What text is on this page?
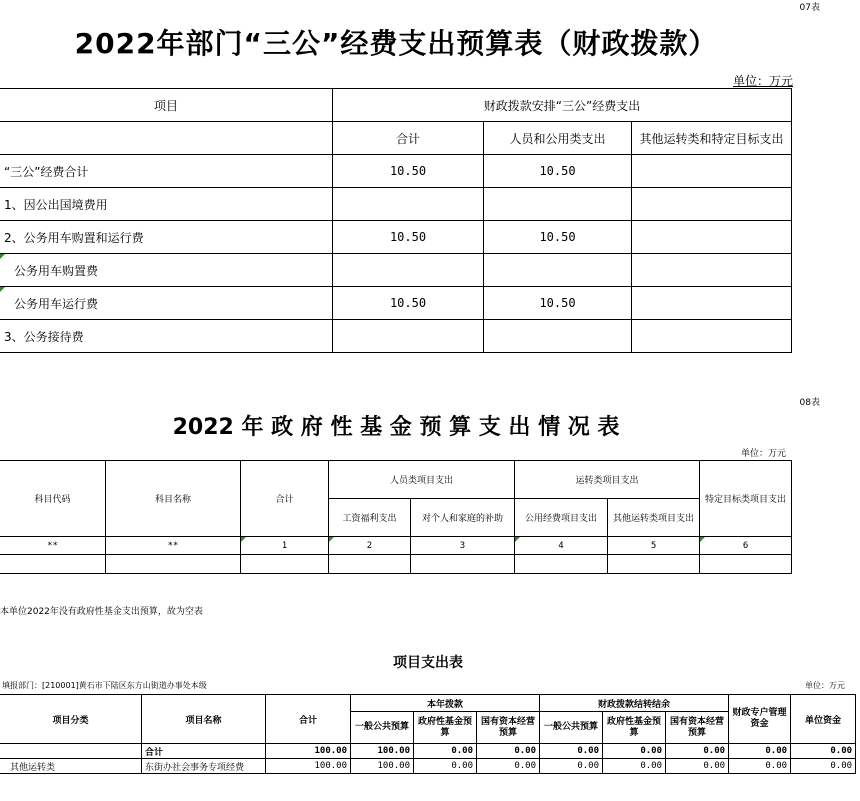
07表
2022年部门“三公”经费支出预算表（财政拨款）
单位：万元
项目	财政拨款安排“三公”经费支出		
	合计	人员和公用类支出	其他运转类和特定目标支出
“三公”经费合计	10.50	10.50	
1、因公出国境费用			
2、公务用车购置和运行费	10.50	10.50	
公务用车购置费			
公务用车运行费	10.50	10.50	
3、公务接待费			
08表
2022 年 政 府 性 基 金 预 算 支 出 情 况 表
单位：万元
科目代码	科目名称	合计	人员类项目支出		运转类项目支出		特定目标类项目支出
			工资福利支出	对个人和家庭的补助	公用经费项目支出	其他运转类项目支出	
**	**	1	2	3	4	5	6

本单位2022年没有政府性基金支出预算，故为空表
项目支出表
填报部门：[210001]黄石市下陆区东方山街道办事处本级	单位：万元
项目分类	项目名称	合计	本年拨款			财政拨款结转结余			财政专户管理资金	单位资金
			一般公共预算	政府性基金预算	国有资本经营预算	一般公共预算	政府性基金预算	国有资本经营预算		
	合计	100.00	100.00	0.00	0.00	0.00	0.00	0.00	0.00	0.00
其他运转类	东街办社会事务专项经费	100.00	100.00	0.00	0.00	0.00	0.00	0.00	0.00	0.00
